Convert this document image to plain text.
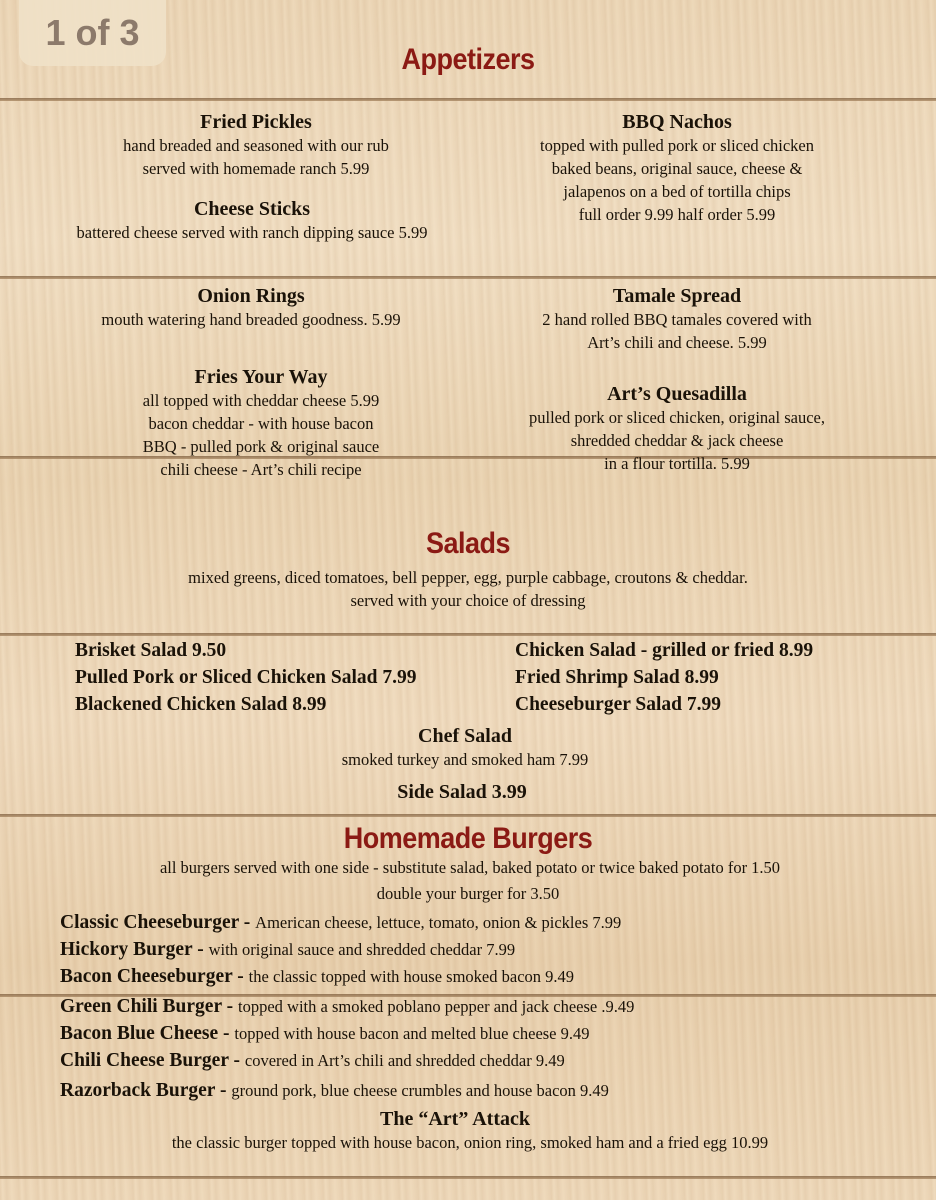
1 of 3
Appetizers
Fried Pickles
hand breaded and seasoned with our rub
served with homemade ranch 5.99
Cheese Sticks
battered cheese served with ranch dipping sauce 5.99
BBQ Nachos
topped with pulled pork or sliced chicken
baked beans, original sauce, cheese &
jalapenos on a bed of tortilla chips
full order 9.99 half order 5.99
Onion Rings
mouth watering hand breaded goodness. 5.99
Fries Your Way
all topped with cheddar cheese 5.99
bacon cheddar - with house bacon
BBQ - pulled pork & original sauce
chili cheese - Art’s chili recipe
Tamale Spread
2 hand rolled BBQ tamales covered with
Art’s chili and cheese. 5.99
Art’s Quesadilla
pulled pork or sliced chicken, original sauce,
shredded cheddar & jack cheese
in a flour tortilla. 5.99
Salads
mixed greens, diced tomatoes, bell pepper, egg, purple cabbage, croutons & cheddar.
served with your choice of dressing
Brisket Salad 9.50
Pulled Pork or Sliced Chicken Salad 7.99
Blackened Chicken Salad 8.99
Chicken Salad - grilled or fried 8.99
Fried Shrimp Salad 8.99
Cheeseburger Salad 7.99
Chef Salad
smoked turkey and smoked ham 7.99
Side Salad 3.99
Homemade Burgers
all burgers served with one side - substitute salad, baked potato or twice baked potato for 1.50
double your burger for 3.50
Classic Cheeseburger - American cheese, lettuce, tomato, onion & pickles 7.99
Hickory Burger - with original sauce and shredded cheddar 7.99
Bacon Cheeseburger - the classic topped with house smoked bacon 9.49
Green Chili Burger - topped with a smoked poblano pepper and jack cheese .9.49
Bacon Blue Cheese - topped with house bacon and melted blue cheese 9.49
Chili Cheese Burger - covered in Art’s chili and shredded cheddar 9.49
Razorback Burger - ground pork, blue cheese crumbles and house bacon 9.49
The “Art” Attack
the classic burger topped with house bacon, onion ring, smoked ham and a fried egg 10.99
